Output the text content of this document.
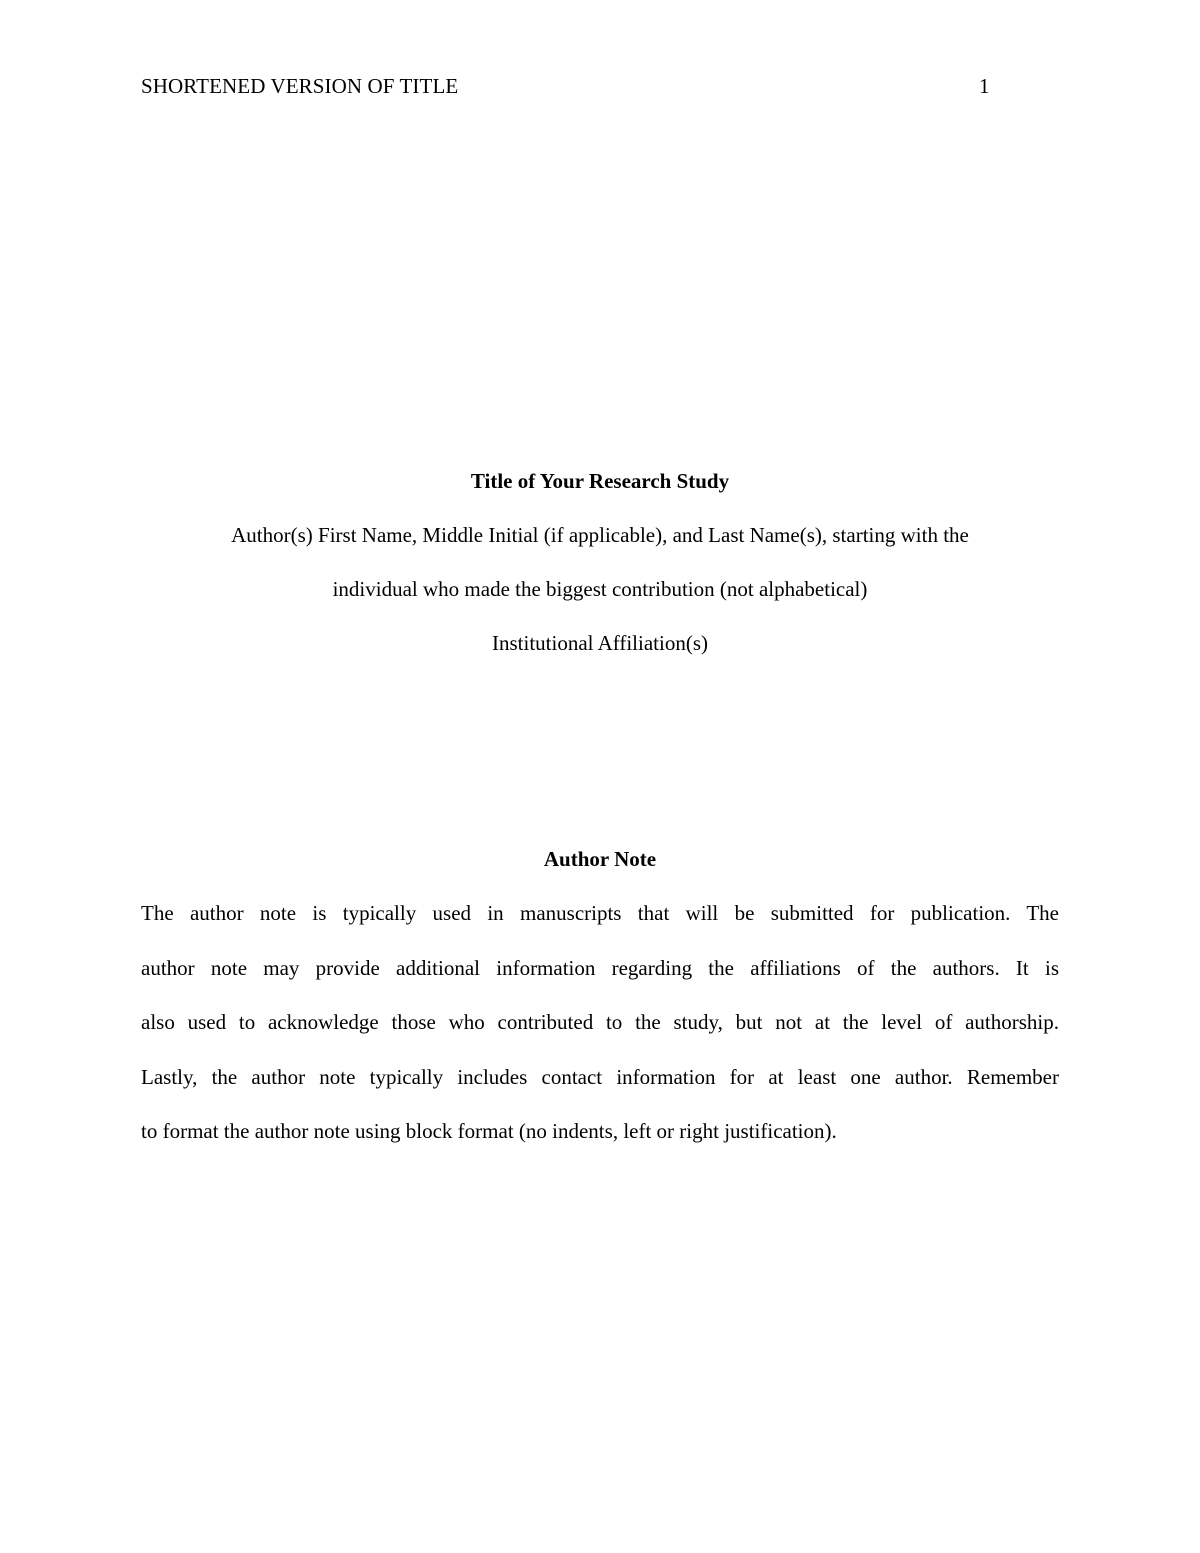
SHORTENED VERSION OF TITLE	1

Title of Your Research Study

Author(s) First Name, Middle Initial (if applicable), and Last Name(s), starting with the
individual who made the biggest contribution (not alphabetical)

Institutional Affiliation(s)

Author Note

The author note is typically used in manuscripts that will be submitted for publication. The
author note may provide additional information regarding the affiliations of the authors. It is
also used to acknowledge those who contributed to the study, but not at the level of authorship.
Lastly, the author note typically includes contact information for at least one author. Remember
to format the author note using block format (no indents, left or right justification).
